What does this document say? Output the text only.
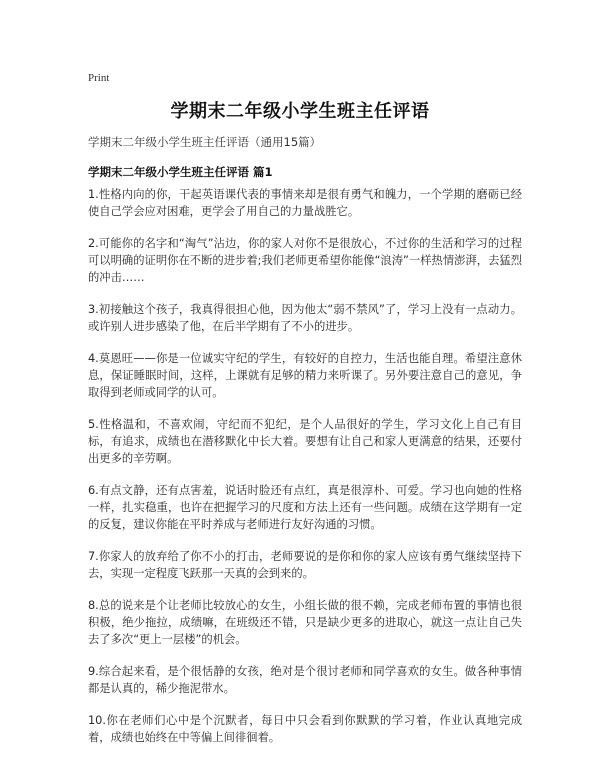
Print
学期末二年级小学生班主任评语
学期末二年级小学生班主任评语（通用15篇）
学期末二年级小学生班主任评语 篇1

1.性格内向的你，干起英语课代表的事情来却是很有勇气和魄力，一个学期的磨砺已经使自己学会应对困难，更学会了用自己的力量战胜它。

2.可能你的名字和“淘气”沾边，你的家人对你不是很放心，不过你的生活和学习的过程可以明确的证明你在不断的进步着;我们老师更希望你能像“浪涛”一样热情澎湃，去猛烈的冲击……

3.初接触这个孩子，我真得很担心他，因为他太“弱不禁风”了，学习上没有一点动力。或许别人进步感染了他，在后半学期有了不小的进步。

4.莫恩旺——你是一位诚实守纪的学生，有较好的自控力，生活也能自理。希望注意休息，保证睡眠时间，这样，上课就有足够的精力来听课了。另外要注意自己的意见，争取得到老师或同学的认可。

5.性格温和，不喜欢闹，守纪而不犯纪，是个人品很好的学生，学习文化上自己有目标，有追求，成绩也在潜移默化中长大着。要想有让自己和家人更满意的结果，还要付出更多的辛劳啊。

6.有点文静，还有点害羞，说话时脸还有点红，真是很淳朴、可爱。学习也向她的性格一样，扎实稳重，也许在把握学习的尺度和方法上还有一些问题。成绩在这学期有一定的反复，建议你能在平时养成与老师进行友好沟通的习惯。

7.你家人的放弃给了你不小的打击，老师要说的是你和你的家人应该有勇气继续坚持下去，实现一定程度飞跃那一天真的会到来的。

8.总的说来是个让老师比较放心的女生，小组长做的很不赖，完成老师布置的事情也很积极，绝少拖拉，成绩嘛，在班级还不错，只是缺少更多的进取心，就这一点让自己失去了多次“更上一层楼”的机会。

9.综合起来看，是个很恬静的女孩，绝对是个很讨老师和同学喜欢的女生。做各种事情都是认真的，稀少拖泥带水。

10.你在老师们心中是个沉默者，每日中只会看到你默默的学习着，作业认真地完成着，成绩也始终在中等偏上间徘徊着。
